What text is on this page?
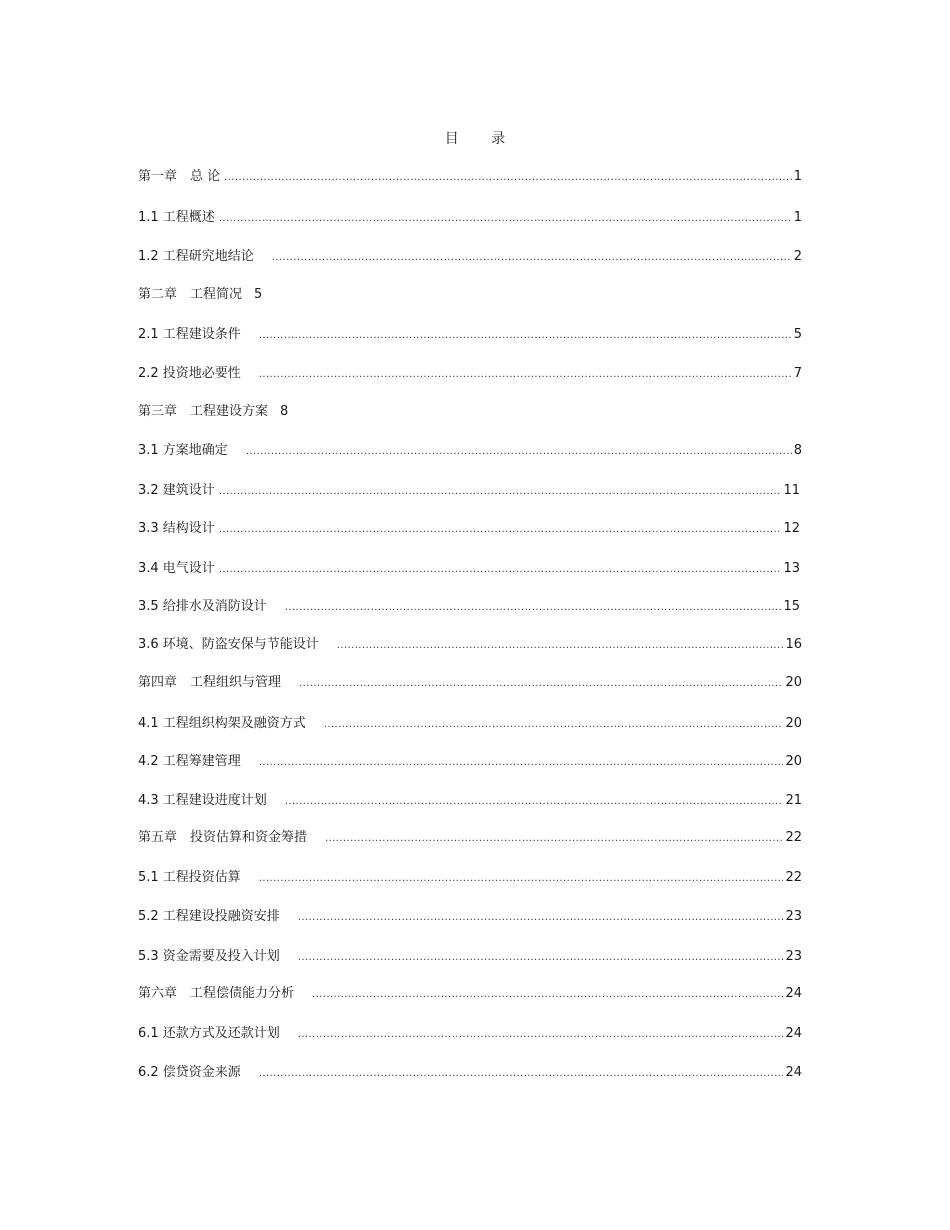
目 录
第一章　总 论 .....	1
1.1 工程概述 .....	1
1.2 工程研究地结论 .....	2
第二章　工程简况 5
2.1 工程建设条件 .....	5
2.2 投资地必要性 .....	7
第三章　工程建设方案 8
3.1 方案地确定 .....	8
3.2 建筑设计 .....	11
3.3 结构设计 .....	12
3.4 电气设计 .....	13
3.5 给排水及消防设计 .....	15
3.6 环境、防盗安保与节能设计 .....	16
第四章　工程组织与管理 .....	20
4.1 工程组织构架及融资方式 .....	20
4.2 工程筹建管理 .....	20
4.3 工程建设进度计划 .....	21
第五章　投资估算和资金筹措 .....	22
5.1 工程投资估算 .....	22
5.2 工程建设投融资安排 .....	23
5.3 资金需要及投入计划 .....	23
第六章　工程偿债能力分析 .....	24
6.1 还款方式及还款计划 .....	24
6.2 偿贷资金来源 .....	24
